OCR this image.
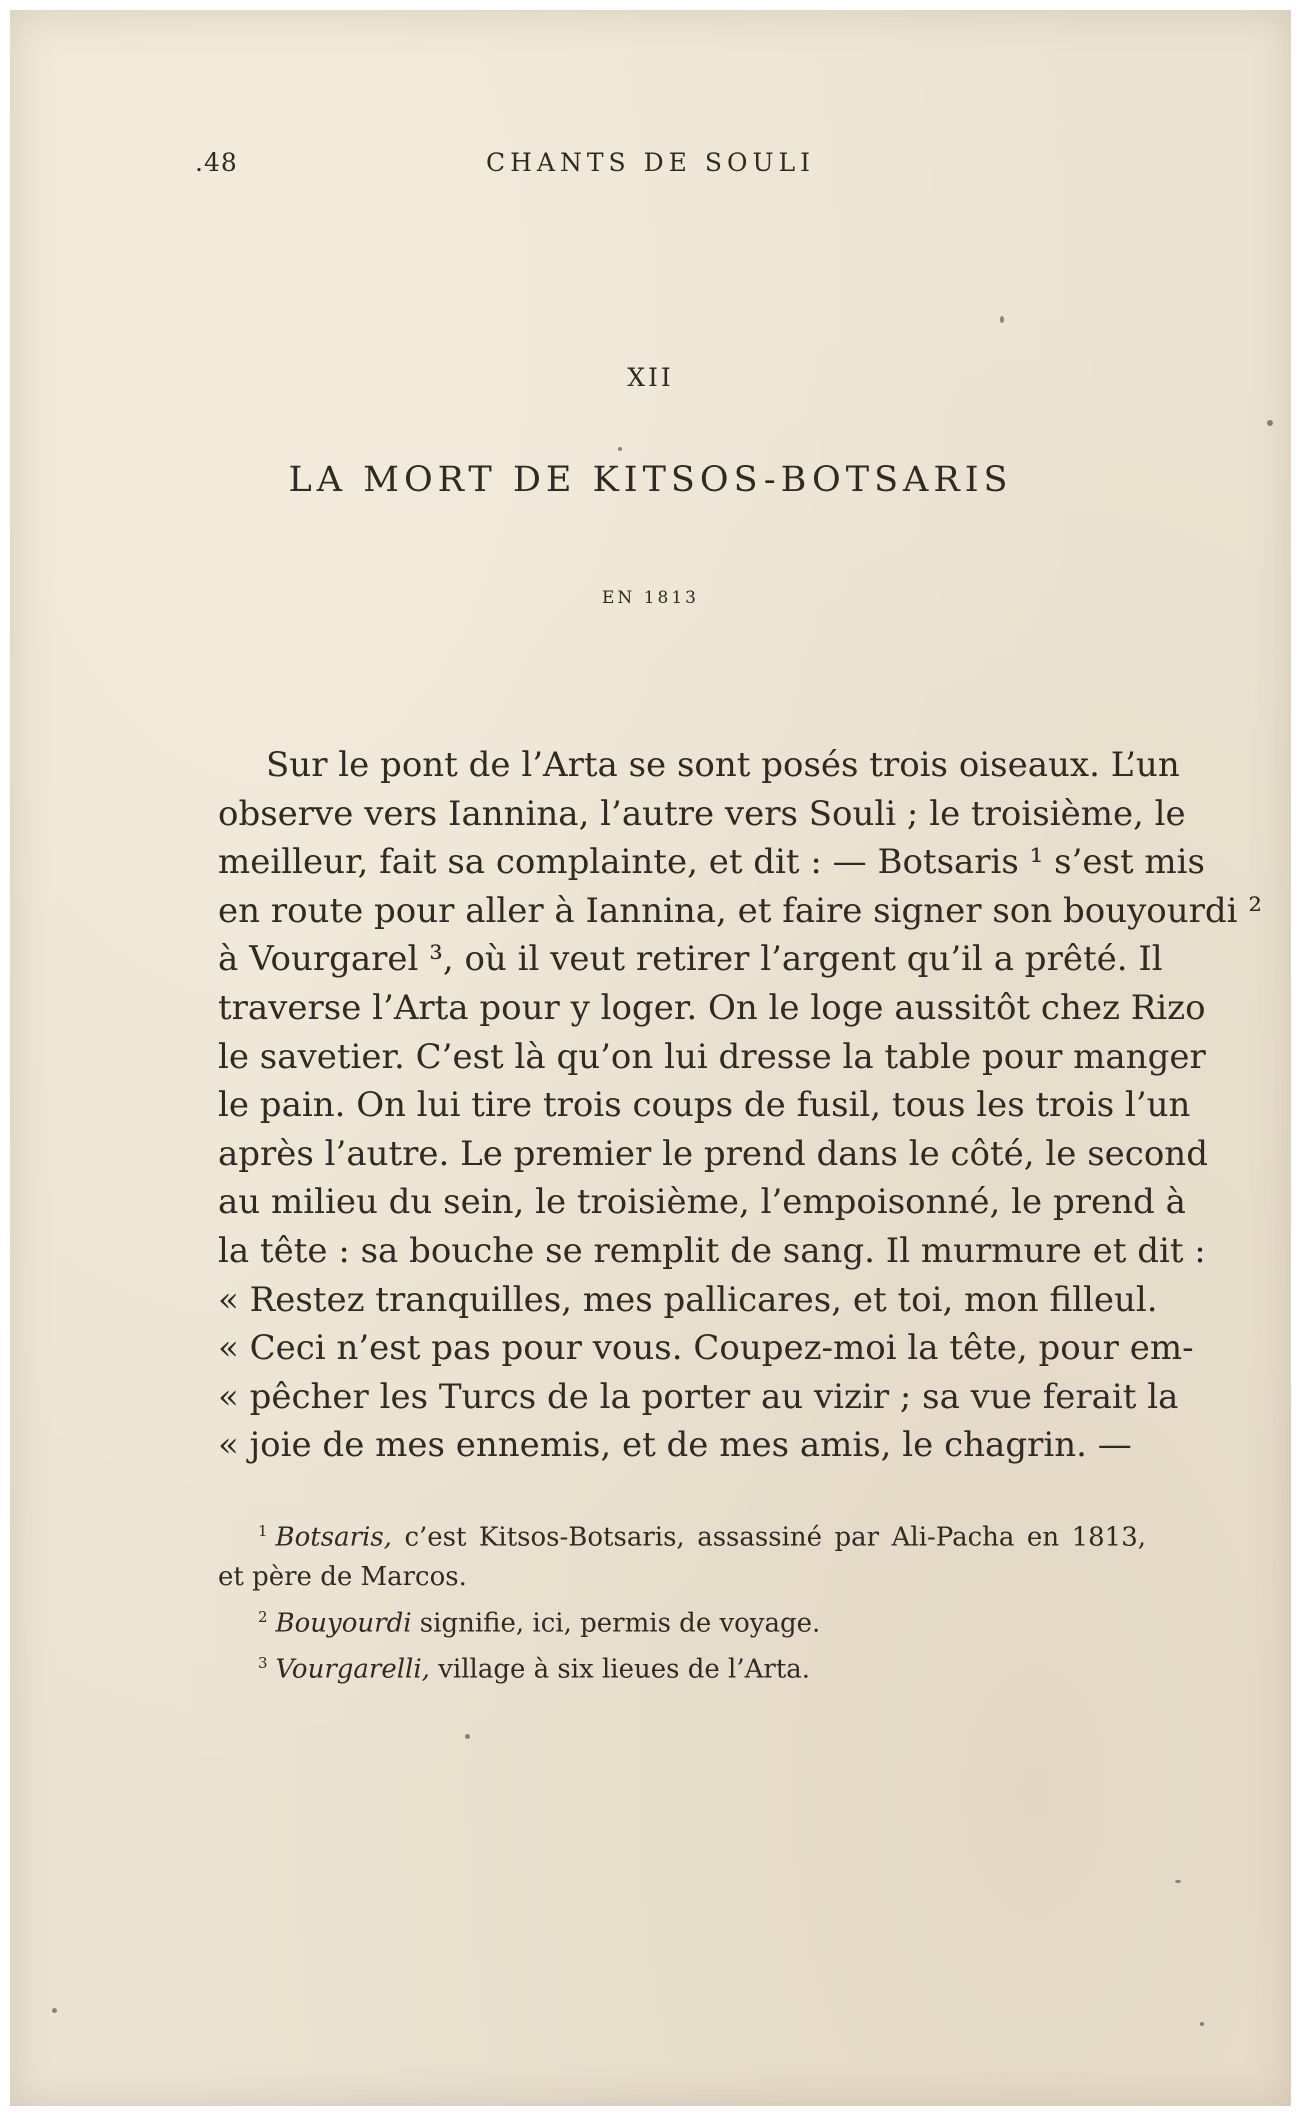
.48	CHANTS DE SOULI
XII
LA MORT DE KITSOS-BOTSARIS
EN 1813
Sur le pont de l’Arta se sont posés trois oiseaux. L’un
observe vers Iannina, l’autre vers Souli ; le troisième, le
meilleur, fait sa complainte, et dit : — Botsaris ¹ s’est mis
en route pour aller à Iannina, et faire signer son bouyourdi ²
à Vourgarel ³, où il veut retirer l’argent qu’il a prêté. Il
traverse l’Arta pour y loger. On le loge aussitôt chez Rizo
le savetier. C’est là qu’on lui dresse la table pour manger
le pain. On lui tire trois coups de fusil, tous les trois l’un
après l’autre. Le premier le prend dans le côté, le second
au milieu du sein, le troisième, l’empoisonné, le prend à
la tête : sa bouche se remplit de sang. Il murmure et dit :
« Restez tranquilles, mes pallicares, et toi, mon filleul.
« Ceci n’est pas pour vous. Coupez-moi la tête, pour em-
« pêcher les Turcs de la porter au vizir ; sa vue ferait la
« joie de mes ennemis, et de mes amis, le chagrin. —
$^1$ Botsaris, c’est Kitsos-Botsaris, assassiné par Ali-Pacha en 1813,
et père de Marcos.
$^2$ Bouyourdi signifie, ici, permis de voyage.
$^3$ Vourgarelli, village à six lieues de l’Arta.
